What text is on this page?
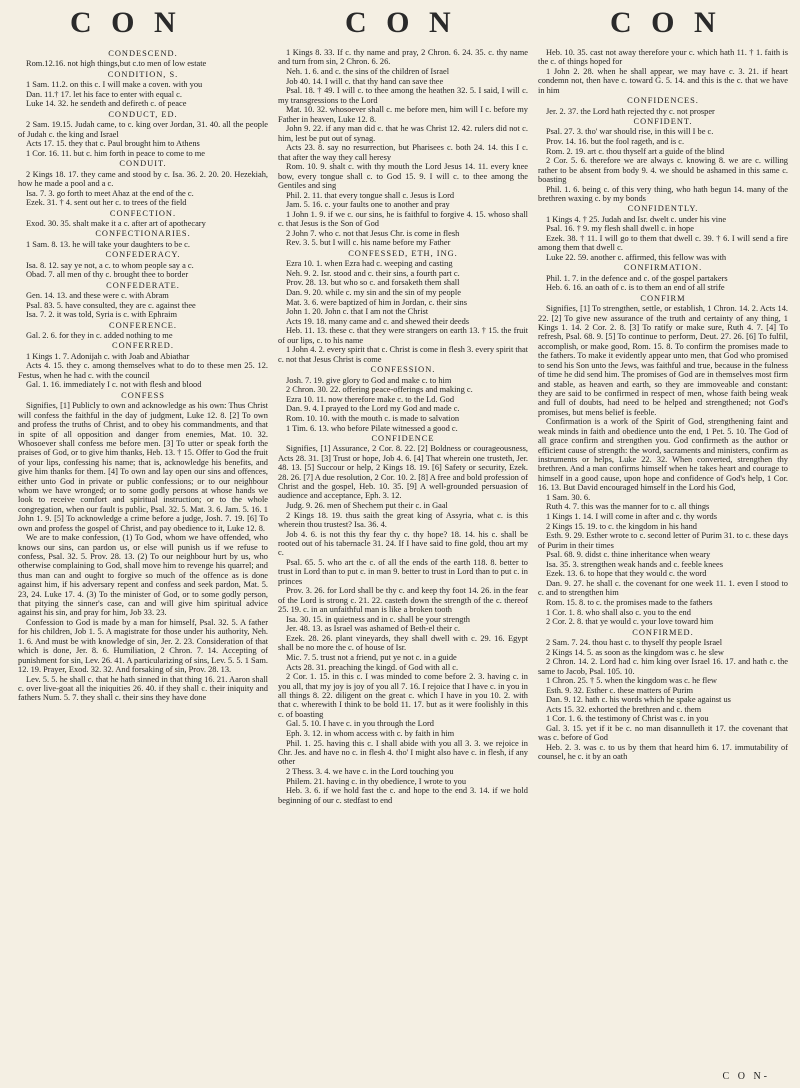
C O N	C O N	C O N

CONDESCEND.

Rom.12.16. not high things,but c.to men of low estate

CONDITION, S.

1 Sam. 11.2. on this c. I will make a coven. with you

Dan. 11.† 17. let his face to enter with equal c.

Luke 14. 32. he sendeth and defireth c. of peace

CONDUCT, ED.

2 Sam. 19.15. Judah came, to c. king over Jordan, 31. 40. all the people of Judah c. the king and Israel

Acts 17. 15. they that c. Paul brought him to Athens

1 Cor. 16. 11. but c. him forth in peace to come to me

CONDUIT.

2 Kings 18. 17. they came and stood by c. Isa. 36. 2. 20. 20. Hezekiah, how he made a pool and a c.

Isa. 7. 3. go forth to meet Ahaz at the end of the c.

Ezek. 31. † 4. sent out her c. to trees of the field

CONFECTION.

Exod. 30. 35. shalt make it a c. after art of apothecary

CONFECTIONARIES.

1 Sam. 8. 13. he will take your daughters to be c.

CONFEDERACY.

Isa. 8. 12. say ye not, a c. to whom people say a c.

Obad. 7. all men of thy c. brought thee to border

CONFEDERATE.

Gen. 14. 13. and these were c. with Abram

Psal. 83. 5. have consulted, they are c. against thee

Isa. 7. 2. it was told, Syria is c. with Ephraim

CONFERENCE.

Gal. 2. 6. for they in c. added nothing to me

CONFERRED.

1 Kings 1. 7. Adonijah c. with Joab and Abiathar

Acts 4. 15. they c. among themselves what to do to these men 25. 12. Festus, when he had c. with the council

Gal. 1. 16. immediately I c. not with flesh and blood

CONFESS

Signifies, [1] Publicly to own and acknowledge as his own: Thus Christ will confess the faithful in the day of judgment, Luke 12. 8. [2] To own and profess the truths of Christ, and to obey his commandments, and that in spite of all opposition and danger from enemies, Mat. 10. 32. Whosoever shall confess me before men. [3] To utter or speak forth the praises of God, or to give him thanks, Heb. 13. † 15. Offer to God the fruit of your lips, confessing his name; that is, acknowledge his benefits, and give him thanks for them. [4] To own and lay open our sins and offences, either unto God in private or public confessions; or to our neighbour whom we have wronged; or to some godly persons at whose hands we look to receive comfort and spiritual instruction; or to the whole congregation, when our fault is public, Psal. 32. 5. Mat. 3. 6. Jam. 5. 16. 1 John 1. 9. [5] To acknowledge a crime before a judge, Josh. 7. 19. [6] To own and profess the gospel of Christ, and pay obedience to it, Luke 12. 8.

We are to make confession, (1) To God, whom we have offended, who knows our sins, can pardon us, or else will punish us if we refuse to confess, Psal. 32. 5. Prov. 28. 13. (2) To our neighbour hurt by us, who otherwise complaining to God, shall move him to revenge his quarrel; and thus man can and ought to forgive so much of the offence as is done against him, if his adversary repent and confess and seek pardon, Mat. 5. 23, 24. Luke 17. 4. (3) To the minister of God, or to some godly person, that pitying the sinner's case, can and will give him spiritual advice against his sin, and pray for him, Job 33. 23.

Confession to God is made by a man for himself, Psal. 32. 5. A father for his children, Job 1. 5. A magistrate for those under his authority, Neh. 1. 6. And must be with knowledge of sin, Jer. 2. 23. Consideration of that which is done, Jer. 8. 6. Humiliation, 2 Chron. 7. 14. Accepting of punishment for sin, Lev. 26. 41. A particularizing of sins, Lev. 5. 5. 1 Sam. 12. 19. Prayer, Exod. 32. 32. And forsaking of sin, Prov. 28. 13.

Lev. 5. 5. he shall c. that he hath sinned in that thing 16. 21. Aaron shall c. over live-goat all the iniquities 26. 40. if they shall c. their iniquity and fathers Num. 5. 7. they shall c. their sins they have done

1 Kings 8. 33. If c. thy name and pray, 2 Chron. 6. 24. 35. c. thy name and turn from sin, 2 Chron. 6. 26.

Neh. 1. 6. and c. the sins of the children of Israel

Job 40. 14. I will c. that thy hand can save thee

Psal. 18. † 49. I will c. to thee among the heathen 32. 5. I said, I will c. my transgressions to the Lord

Mat. 10. 32. whosoever shall c. me before men, him will I c. before my Father in heaven, Luke 12. 8.

John 9. 22. if any man did c. that he was Christ 12. 42. rulers did not c. him, lest be put out of synag.

Acts 23. 8. say no resurrection, but Pharisees c. both 24. 14. this I c. that after the way they call heresy

Rom. 10. 9. shalt c. with thy mouth the Lord Jesus 14. 11. every knee bow, every tongue shall c. to God 15. 9. I will c. to thee among the Gentiles and sing

Phil. 2. 11. that every tongue shall c. Jesus is Lord

Jam. 5. 16. c. your faults one to another and pray

1 John 1. 9. if we c. our sins, he is faithful to forgive 4. 15. whoso shall c. that Jesus is the Son of God

2 John 7. who c. not that Jesus Chr. is come in flesh

Rev. 3. 5. but I will c. his name before my Father

CONFESSED, ETH, ING.

Ezra 10. 1. when Ezra had c. weeping and casting

Neh. 9. 2. Isr. stood and c. their sins, a fourth part c.

Prov. 28. 13. but who so c. and forsaketh them shall

Dan. 9. 20. while c. my sin and the sin of my people

Mat. 3. 6. were baptized of him in Jordan, c. their sins

John 1. 20. John c. that I am not the Christ

Acts 19. 18. many came and c. and shewed their deeds

Heb. 11. 13. these c. that they were strangers on earth 13. † 15. the fruit of our lips, c. to his name

1 John 4. 2. every spirit that c. Christ is come in flesh 3. every spirit that c. not that Jesus Christ is come

CONFESSION.

Josh. 7. 19. give glory to God and make c. to him

2 Chron. 30. 22. offering peace-offerings and making c.

Ezra 10. 11. now therefore make c. to the Ld. God

Dan. 9. 4. I prayed to the Lord my God and made c.

Rom. 10. 10. with the mouth c. is made to salvation

1 Tim. 6. 13. who before Pilate witnessed a good c.

CONFIDENCE

Signifies, [1] Assurance, 2 Cor. 8. 22. [2] Boldness or courageousness, Acts 28. 31. [3] Trust or hope, Job 4. 6. [4] That wherein one trusteth, Jer. 48. 13. [5] Succour or help, 2 Kings 18. 19. [6] Safety or security, Ezek. 28. 26. [7] A due resolution, 2 Cor. 10. 2. [8] A free and bold profession of Christ and the gospel, Heb. 10. 35. [9] A well-grounded persuasion of audience and acceptance, Eph. 3. 12.

Judg. 9. 26. men of Shechem put their c. in Gaal

2 Kings 18. 19. thus saith the great king of Assyria, what c. is this wherein thou trustest? Isa. 36. 4.

Job 4. 6. is not this thy fear thy c. thy hope? 18. 14. his c. shall be rooted out of his tabernacle 31. 24. If I have said to fine gold, thou art my c.

Psal. 65. 5. who art the c. of all the ends of the earth 118. 8. better to trust in Lord than to put c. in man 9. better to trust in Lord than to put c. in princes

Prov. 3. 26. for Lord shall be thy c. and keep thy foot 14. 26. in the fear of the Lord is strong c. 21. 22. casteth down the strength of the c. thereof 25. 19. c. in an unfaithful man is like a broken tooth

Isa. 30. 15. in quietness and in c. shall be your strength

Jer. 48. 13. as Israel was ashamed of Beth-el their c.

Ezek. 28. 26. plant vineyards, they shall dwell with c. 29. 16. Egypt shall be no more the c. of house of Isr.

Mic. 7. 5. trust not a friend, put ye not c. in a guide

Acts 28. 31. preaching the kingd. of God with all c.

2 Cor. 1. 15. in this c. I was minded to come before 2. 3. having c. in you all, that my joy is joy of you all 7. 16. I rejoice that I have c. in you in all things 8. 22. diligent on the great c. which I have in you 10. 2. with that c. wherewith I think to be bold 11. 17. but as it were foolishly in this c. of boasting

Gal. 5. 10. I have c. in you through the Lord

Eph. 3. 12. in whom access with c. by faith in him

Phil. 1. 25. having this c. I shall abide with you all 3. 3. we rejoice in Chr. Jes. and have no c. in flesh 4. tho' I might also have c. in flesh, if any other

2 Thess. 3. 4. we have c. in the Lord touching you

Philem. 21. having c. in thy obedience, I wrote to you

Heb. 3. 6. if we hold fast the c. and hope to the end 3. 14. if we hold beginning of our c. stedfast to end

Heb. 10. 35. cast not away therefore your c. which hath 11. † 1. faith is the c. of things hoped for

1 John 2. 28. when he shall appear, we may have c. 3. 21. if heart condemn not, then have c. toward G. 5. 14. and this is the c. that we have in him

CONFIDENCES.

Jer. 2. 37. the Lord hath rejected thy c. not prosper

CONFIDENT.

Psal. 27. 3. tho' war should rise, in this will I be c.

Prov. 14. 16. but the fool rageth, and is c.

Rom. 2. 19. art c. thou thyself art a guide of the blind

2 Cor. 5. 6. therefore we are always c. knowing 8. we are c. willing rather to be absent from body 9. 4. we should be ashamed in this same c. boasting

Phil. 1. 6. being c. of this very thing, who hath begun 14. many of the brethren waxing c. by my bonds

CONFIDENTLY.

1 Kings 4. † 25. Judah and Isr. dwelt c. under his vine

Psal. 16. † 9. my flesh shall dwell c. in hope

Ezek. 38. † 11. I will go to them that dwell c. 39. † 6. I will send a fire among them that dwell c.

Luke 22. 59. another c. affirmed, this fellow was with

CONFIRMATION.

Phil. 1. 7. in the defence and c. of the gospel partakers

Heb. 6. 16. an oath of c. is to them an end of all strife

CONFIRM

Signifies, [1] To strengthen, settle, or establish, 1 Chron. 14. 2. Acts 14. 22. [2] To give new assurance of the truth and certainty of any thing, 1 Kings 1. 14. 2 Cor. 2. 8. [3] To ratify or make sure, Ruth 4. 7. [4] To refresh, Psal. 68. 9. [5] To continue to perform, Deut. 27. 26. [6] To fulfil, accomplish, or make good, Rom. 15. 8. To confirm the promises made to the fathers. To make it evidently appear unto men, that God who promised to send his Son unto the Jews, was faithful and true, because in the fulness of time he did send him. The promises of God are in themselves most firm and stable, as heaven and earth, so they are immoveable and constant: they are said to be confirmed in respect of men, whose faith being weak and full of doubts, had need to be helped and strengthened; not God's promises, but mens belief is feeble.

Confirmation is a work of the Spirit of God, strengthening faint and weak minds in faith and obedience unto the end, 1 Pet. 5. 10. The God of all grace confirm and strengthen you. God confirmeth as the author or efficient cause of strength: the word, sacraments and ministers, confirm as instruments or helps, Luke 22. 32. When converted, strengthen thy brethren. And a man confirms himself when he takes heart and courage to himself in a good cause, upon hope and confidence of God's help, 1 Cor. 16. 13. But David encouraged himself in the Lord his God,

1 Sam. 30. 6.

Ruth 4. 7. this was the manner for to c. all things

1 Kings 1. 14. I will come in after and c. thy words

2 Kings 15. 19. to c. the kingdom in his hand

Esth. 9. 29. Esther wrote to c. second letter of Purim 31. to c. these days of Purim in their times

Psal. 68. 9. didst c. thine inheritance when weary

Isa. 35. 3. strengthen weak hands and c. feeble knees

Ezek. 13. 6. to hope that they would c. the word

Dan. 9. 27. he shall c. the covenant for one week 11. 1. even I stood to c. and to strengthen him

Rom. 15. 8. to c. the promises made to the fathers

1 Cor. 1. 8. who shall also c. you to the end

2 Cor. 2. 8. that ye would c. your love toward him

CONFIRMED.

2 Sam. 7. 24. thou hast c. to thyself thy people Israel

2 Kings 14. 5. as soon as the kingdom was c. he slew

2 Chron. 14. 2. Lord had c. him king over Israel 16. 17. and hath c. the same to Jacob, Psal. 105. 10.

1 Chron. 25. † 5. when the kingdom was c. he flew

Esth. 9. 32. Esther c. these matters of Purim

Dan. 9. 12. hath c. his words which he spake against us

Acts 15. 32. exhorted the brethren and c. them

1 Cor. 1. 6. the testimony of Christ was c. in you

Gal. 3. 15. yet if it be c. no man disannulleth it 17. the covenant that was c. before of God

Heb. 2. 3. was c. to us by them that heard him 6. 17. immutability of counsel, he c. it by an oath

C O N-
